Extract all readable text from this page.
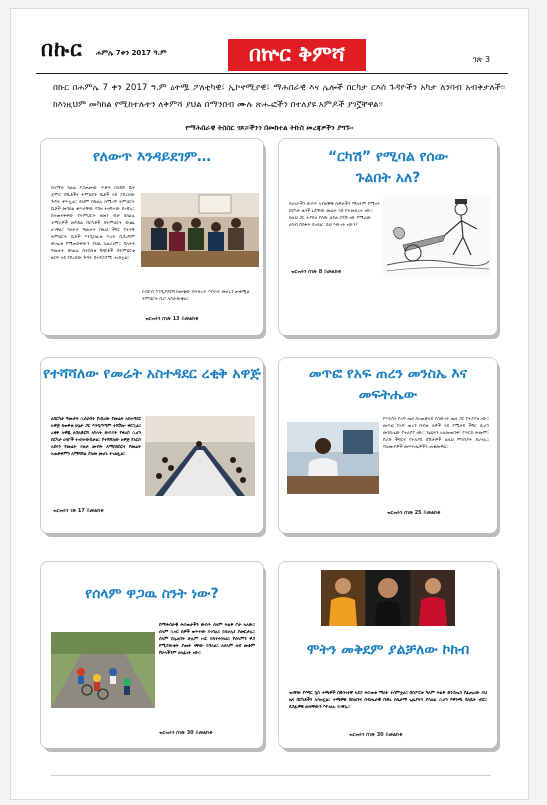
በኩር ሐምሌ 7ቀን 2017 ዓ.ም	በኵር ቅምሻ	ገጽ 3
በኩር በሐምሌ 7 ቀን 2017 ዓ.ም ዕትሟ ፖለቲካዊ፣ ኢኮኖሚያዊ፣ ማሕበራዊ እና ሌሎች በርካታ ርእሰ ጉዳዮችን አካታ ለንባብ አብቅታለች፡፡ ከእነዚህም መካከል የሚከተሉትን ለቅምሻ ያህል በማንበብ ሙሉ ጽሑፎችን በተለያዩ አምዶች ያገኟቸዋል፡፡
የማሕበራዊ ትስስር ገጾቻችንን በመከተል ትኩስ መረጃዎችን ያግኙ፡፡
የለውጥ እንዳይደገም…
በአማራ ክልል ያጋጠመው ጥቃት ከሰደድ ቤት ጀምሮ በቤቶችና ትምህርት ቤቶች ላይ ያደረሰው ጉዳት ቀጥሏል፡፡ ይህም በክልሉ ከሚገኙ ትምህርት ቤቶች መካከል ቁጥራቸው የበዛ ተዘግተው ይገኛሉ፡፡ በተጠናቀቀው የትምህርት ዘመን ብቻ ከክልሉ ተማሪዎች መካከል በርካቶች ከትምህርት ውጪ ሆነዋል፡፡ ባለፉት ዓመታት በዚህ ችግር የተጎዱ ትምህርት ቤቶች እንዲከፈቱ ጥረት ቢደረግም ውጤቱ የሚጠበቀውን ያህል አልሆነም፡፡ ባለፉት ዓመታት በክልሉ በተከሰቱ ግጭቶች በትምህርቱ ዘርፍ ላይ የደረሰው ጉዳት በተደጋጋሚ ተነስቷል፡፡
ርብርብ እንዲያደርግ ከመቼው በትኩረት እየሠራ መሆኑን ጠቁሟል ትምህርት ቢሮ አስታውቋል፡፡
ዝርዝሩን በገጽ 13 ይመልከቱ
“ርካሽ” የሚባል የሰው ጉልበት አለ?
በሀገራችን ውስጥ አብዛኞቹ ሰዎቻችን ማለትም የሚኖሩ በርካታ ዜጎች ኑሯቸው መሬት ላይ የተመሰረተ ነው፡፡ ከዚህ ጋር ተያይዞ የሰው ኃይል ርካሽ ነው የሚለው ሀሳብ በስፋት ይነሳል፡፡ ይህ እውነት ነውን?
ዝርዝሩን በገጽ 8 ይመልከቱ
የተሻሻለው የመሬት አስተዳደር ረቂቅ አዋጅ
ለበርካታ ዓመታት ሲሰራበት የነበረው የመሬት አስተዳደር አዋጅ ከወቅቱ ሁኔታ ጋር እንዲጣጣም ተሻሽሎ ቀርቧል፡፡ ረቂቅ አዋጁ ለባለድርሻ አካላት ውይይት የቀረበ ሲሆን በርካታ ሀሳቦች ተነስተውበታል፡፡ የተሻሻለው አዋጅ የአርሶ አደሩን የመሬት ይዞታ መብት ለማስከበርና የመሬት አጠቃቀምን ለማሻሻል ያለመ መሆኑ ተገልጿል፡፡
ዝርዝሩን ገጽ 17 ይመልከቱ
መጥፎ የአፍ ጠረን መንስኤ እና መፍትሔው
የጥርስና የአፍ ጤና ከአጠቃላይ የሰውነት ጤና ጋር የተያያዘ ነው፡፡ መጥፎ የአፍ ጠረን በብዙ ሰዎች ላይ የሚታይ ችግር ሲሆን መንስኤው የተለያየ ነው፡፡ ንፅህናን አለመጠበቅ፣ የጥርስ ሕመም፣ የሆድ ችግርና የተለያዩ በሽታዎች ለዚህ ምክንያት ይሆናሉ፡፡ ባለሙያዎች መፍትሔዎችን ጠቁመዋል፡፡
ዝርዝሩን በገጽ 25 ይመልከቱ
የሰላም ዋጋዉ ስንት ነው?
በማሕበራዊ ሕይወታችን ውስጥ ሰላም ትልቅ ቦታ አለው፡፡ ሰላም ሲኖር ሰዎች ወጥተው ይገባሉ፤ ይሰራሉ፤ ያመርታሉ፡፡ ሰላም በሌለበት ሁሉም ነገር ይስተጓጎላል፡፡ የሰላምን ዋጋ የሚያውቁት ያጡት ናቸው ይባላል፡፡ ለሰላም ዘብ መቆም የሁላችንም ኃላፊነት ነው፡፡
ዝርዝሩን በገጽ 30 ይመልከቱ
ሞትን መቅደም ያልቻለው ኮከብ
ዝነኛው የእግር ኳስ ተጫዋች በድንገተኛ አደጋ ሕይወቱ ማለፉ ተሰምቷል፡፡ በስፖርቱ ዓለም ትልቅ ድንጋጤን የፈጠረው ይህ ዜና በርካቶችን አሳዝኗል፡፡ ተጫዋቹ በክለቡና በብሔራዊ ቡድኑ ስኬታማ ጊዜያትን ያሳለፈ ሲሆን የዋንጫ ባለቤት ነበር፡፡ ደጋፊዎቹ ሀዘናቸውን እየገለፁ ይገኛሉ፡፡
ዝርዝሩን በገጽ 30 ይመልከቱ
